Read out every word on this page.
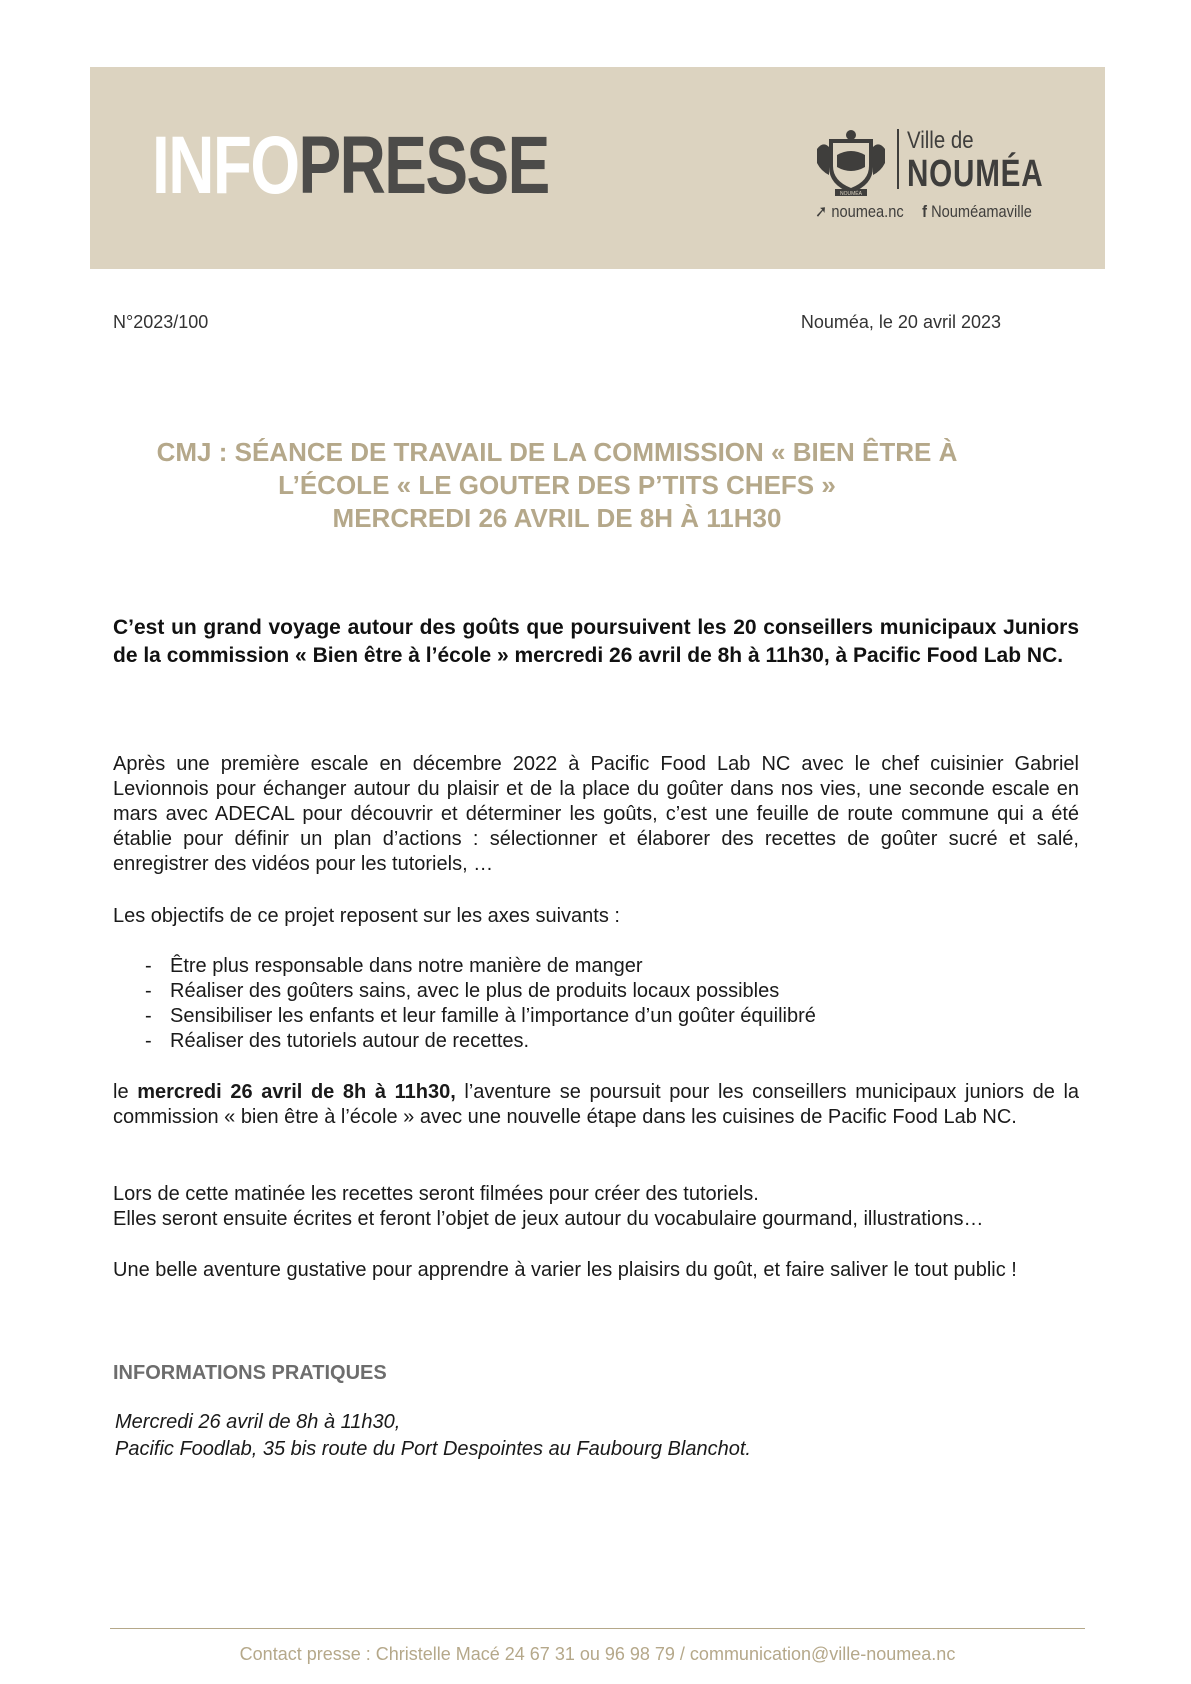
INFOPRESSE	NOUMÉA
Ville de
NOUMÉA
➚ noumea.nc f Nouméamaville
N°2023/100	Nouméa, le 20 avril 2023
CMJ : SÉANCE DE TRAVAIL DE LA COMMISSION « BIEN ÊTRE À
L’ÉCOLE « LE GOUTER DES P’TITS CHEFS »
MERCREDI 26 AVRIL DE 8H À 11H30

C’est un grand voyage autour des goûts que poursuivent les 20 conseillers municipaux Juniors de la commission « Bien être à l’école » mercredi 26 avril de 8h à 11h30, à Pacific Food Lab NC.

Après une première escale en décembre 2022 à Pacific Food Lab NC avec le chef cuisinier Gabriel Levionnois pour échanger autour du plaisir et de la place du goûter dans nos vies, une seconde escale en mars avec ADECAL pour découvrir et déterminer les goûts, c’est une feuille de route commune qui a été établie pour définir un plan d’actions : sélectionner et élaborer des recettes de goûter sucré et salé, enregistrer des vidéos pour les tutoriels, …

Les objectifs de ce projet reposent sur les axes suivants :

- Être plus responsable dans notre manière de manger
- Réaliser des goûters sains, avec le plus de produits locaux possibles
- Sensibiliser les enfants et leur famille à l’importance d’un goûter équilibré
- Réaliser des tutoriels autour de recettes.

le mercredi 26 avril de 8h à 11h30, l’aventure se poursuit pour les conseillers municipaux juniors de la commission « bien être à l’école » avec une nouvelle étape dans les cuisines de Pacific Food Lab NC.

Lors de cette matinée les recettes seront filmées pour créer des tutoriels.
Elles seront ensuite écrites et feront l’objet de jeux autour du vocabulaire gourmand, illustrations…

Une belle aventure gustative pour apprendre à varier les plaisirs du goût, et faire saliver le tout public !

INFORMATIONS PRATIQUES

Mercredi 26 avril de 8h à 11h30,
Pacific Foodlab, 35 bis route du Port Despointes au Faubourg Blanchot.

Contact presse : Christelle Macé 24 67 31 ou 96 98 79 / communication@ville-noumea.nc
